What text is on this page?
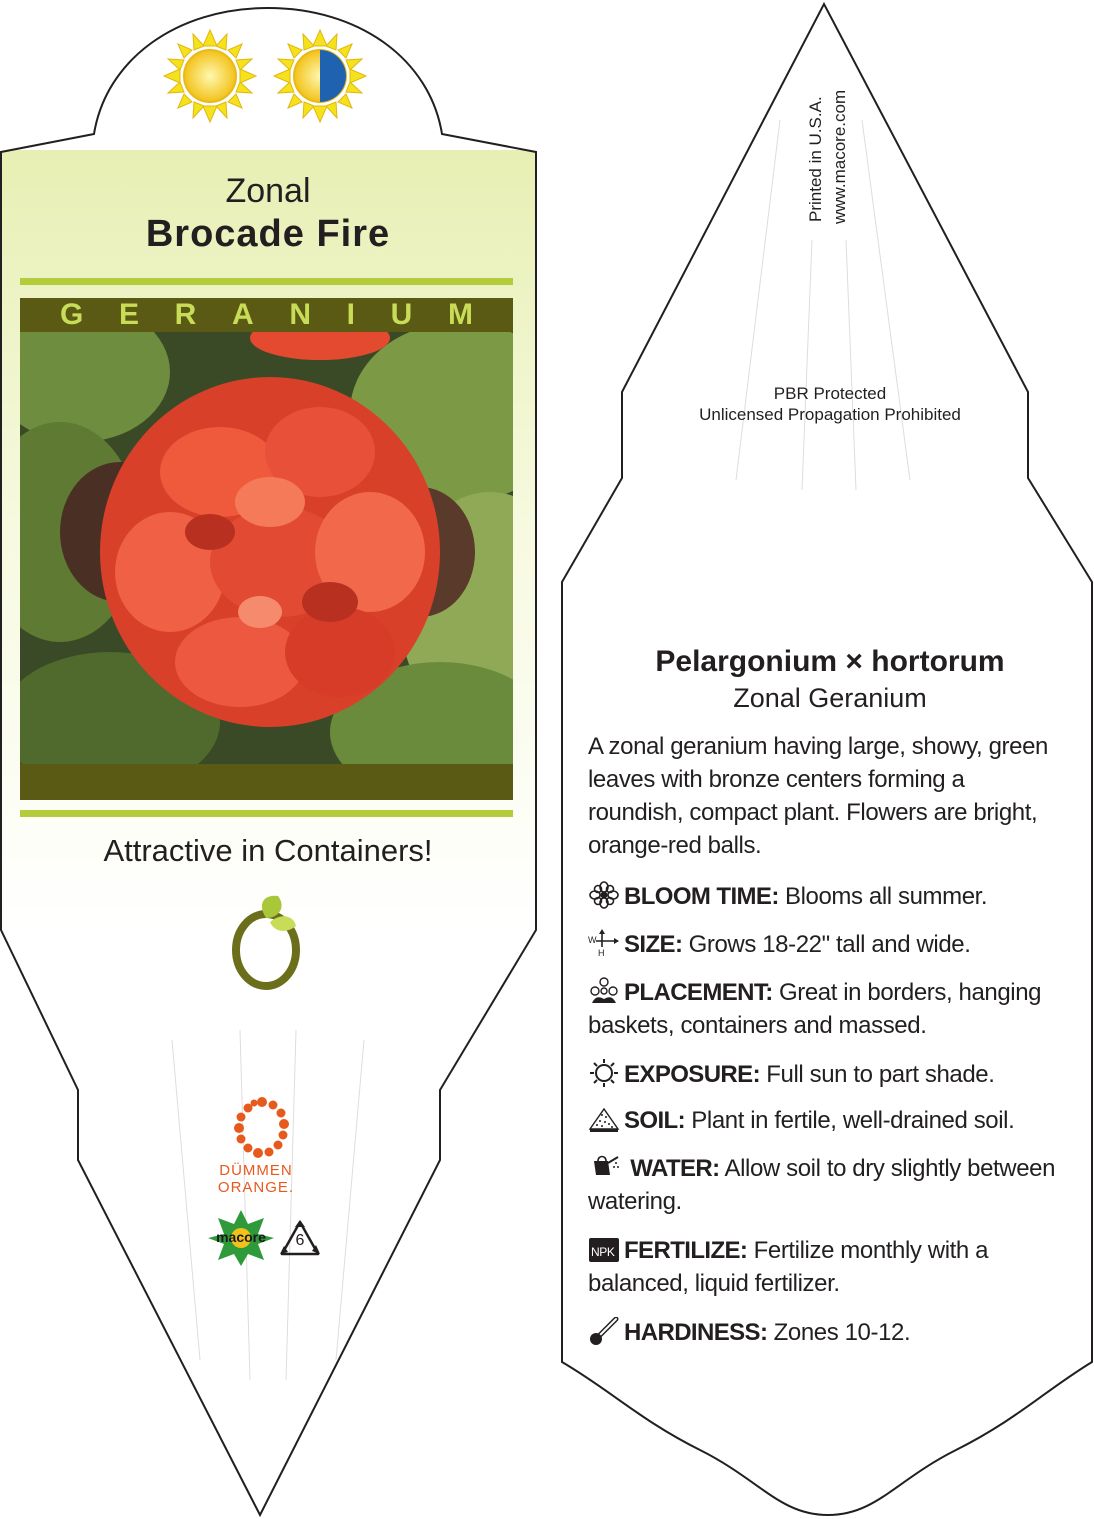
Zonal
Brocade Fire
G E R A N I U M
Attractive in Containers!
DÜMMEN
ORANGE.
macore	6
Printed in U.S.A. www.macore.com
PBR Protected
Unlicensed Propagation Prohibited
Pelargonium × hortorum
Zonal Geranium
A zonal geranium having large, showy, green leaves with bronze centers forming a roundish, compact plant. Flowers are bright, orange-red balls.
BLOOM TIME: Blooms all summer.
W
H SIZE: Grows 18-22" tall and wide.
PLACEMENT: Great in borders, hanging baskets, containers and massed.
EXPOSURE: Full sun to part shade.
SOIL: Plant in fertile, well-drained soil.
WATER: Allow soil to dry slightly between watering.
NPK FERTILIZE: Fertilize monthly with a balanced, liquid fertilizer.
HARDINESS: Zones 10-12.
